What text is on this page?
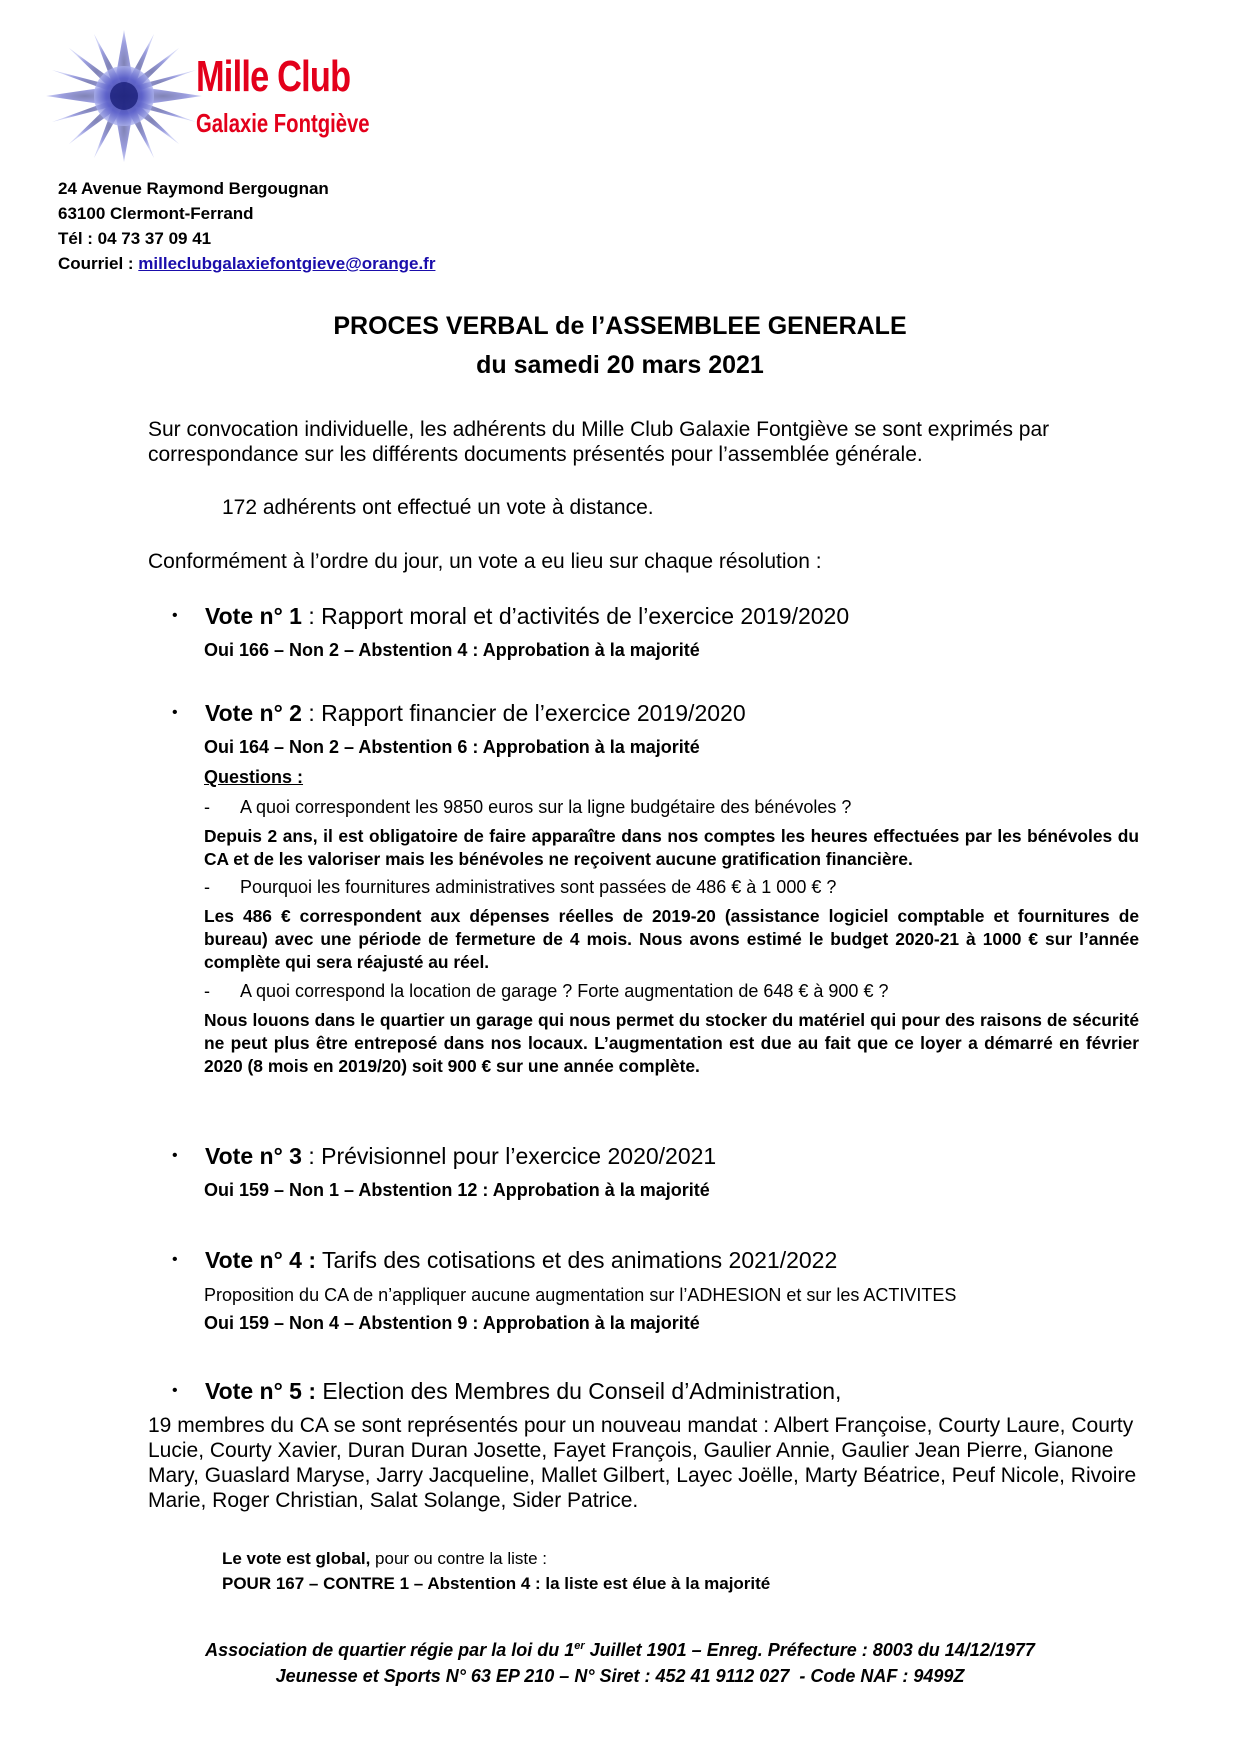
Mille Club
Galaxie Fontgiève
24 Avenue Raymond Bergougnan
63100 Clermont-Ferrand
Tél : 04 73 37 09 41
Courriel : milleclubgalaxiefontgieve@orange.fr
PROCES VERBAL de l’ASSEMBLEE GENERALE
du samedi 20 mars 2021
Sur convocation individuelle, les adhérents du Mille Club Galaxie Fontgiève se sont exprimés par correspondance sur les différents documents présentés pour l’assemblée générale.
172 adhérents ont effectué un vote à distance.
Conformément à l’ordre du jour, un vote a eu lieu sur chaque résolution :
• Vote n° 1 : Rapport moral et d’activités de l’exercice 2019/2020
Oui 166 – Non 2 – Abstention 4 : Approbation à la majorité
• Vote n° 2 : Rapport financier de l’exercice 2019/2020
Oui 164 – Non 2 – Abstention 6 : Approbation à la majorité
Questions :
- A quoi correspondent les 9850 euros sur la ligne budgétaire des bénévoles ?
Depuis 2 ans, il est obligatoire de faire apparaître dans nos comptes les heures effectuées par les bénévoles du CA et de les valoriser mais les bénévoles ne reçoivent aucune gratification financière.
- Pourquoi les fournitures administratives sont passées de 486 € à 1 000 € ?
Les 486 € correspondent aux dépenses réelles de 2019-20 (assistance logiciel comptable et fournitures de bureau) avec une période de fermeture de 4 mois. Nous avons estimé le budget 2020-21 à 1000 € sur l’année complète qui sera réajusté au réel.
- A quoi correspond la location de garage ? Forte augmentation de 648 € à 900 € ?
Nous louons dans le quartier un garage qui nous permet du stocker du matériel qui pour des raisons de sécurité ne peut plus être entreposé dans nos locaux. L’augmentation est due au fait que ce loyer a démarré en février 2020 (8 mois en 2019/20) soit 900 € sur une année complète.
• Vote n° 3 : Prévisionnel pour l’exercice 2020/2021
Oui 159 – Non 1 – Abstention 12 : Approbation à la majorité
• Vote n° 4 : Tarifs des cotisations et des animations 2021/2022
Proposition du CA de n’appliquer aucune augmentation sur l’ADHESION et sur les ACTIVITES
Oui 159 – Non 4 – Abstention 9 : Approbation à la majorité
• Vote n° 5 : Election des Membres du Conseil d’Administration,
19 membres du CA se sont représentés pour un nouveau mandat : Albert Françoise, Courty Laure, Courty Lucie, Courty Xavier, Duran Duran Josette, Fayet François, Gaulier Annie, Gaulier Jean Pierre, Gianone Mary, Guaslard Maryse, Jarry Jacqueline, Mallet Gilbert, Layec Joëlle, Marty Béatrice, Peuf Nicole, Rivoire Marie, Roger Christian, Salat Solange, Sider Patrice.
Le vote est global, pour ou contre la liste :
POUR 167 – CONTRE 1 – Abstention 4 : la liste est élue à la majorité
Association de quartier régie par la loi du 1er Juillet 1901 – Enreg. Préfecture : 8003 du 14/12/1977
Jeunesse et Sports N° 63 EP 210 – N° Siret : 452 41 9112 027  - Code NAF : 9499Z
